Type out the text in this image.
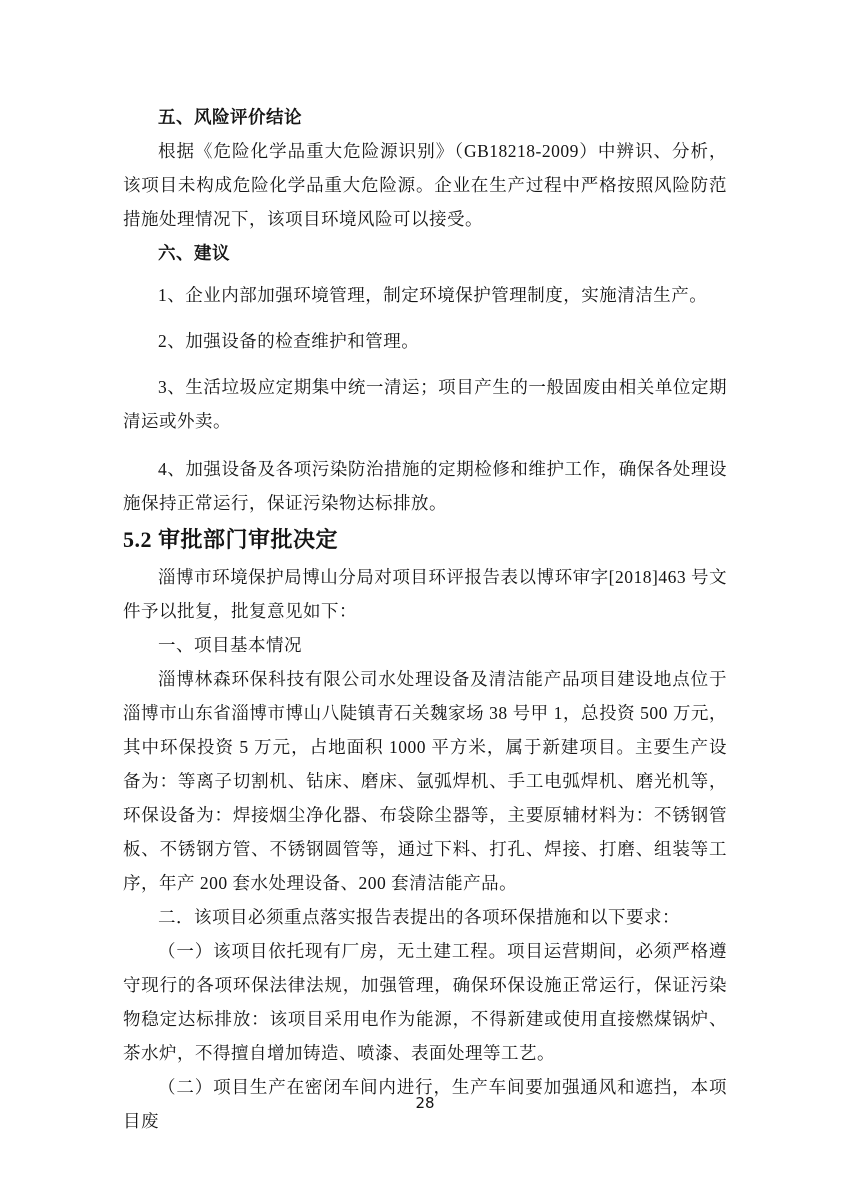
五、风险评价结论

根据《危险化学品重大危险源识别》（GB18218-2009）中辨识、分析，该项目未构成危险化学品重大危险源。企业在生产过程中严格按照风险防范措施处理情况下，该项目环境风险可以接受。

六、建议

1、企业内部加强环境管理，制定环境保护管理制度，实施清洁生产。

2、加强设备的检查维护和管理。

3、生活垃圾应定期集中统一清运；项目产生的一般固废由相关单位定期清运或外卖。

4、加强设备及各项污染防治措施的定期检修和维护工作，确保各处理设施保持正常运行，保证污染物达标排放。

5.2 审批部门审批决定

淄博市环境保护局博山分局对项目环评报告表以博环审字[2018]463 号文件予以批复，批复意见如下：

一、项目基本情况

淄博林森环保科技有限公司水处理设备及清洁能产品项目建设地点位于淄博市山东省淄博市博山八陡镇青石关魏家场 38 号甲 1，总投资 500 万元，其中环保投资 5 万元，占地面积 1000 平方米，属于新建项目。主要生产设备为：等离子切割机、钻床、磨床、氩弧焊机、手工电弧焊机、磨光机等，环保设备为：焊接烟尘净化器、布袋除尘器等，主要原辅材料为：不锈钢管板、不锈钢方管、不锈钢圆管等，通过下料、打孔、焊接、打磨、组装等工序，年产 200 套水处理设备、200 套清洁能产品。

二．该项目必须重点落实报告表提出的各项环保措施和以下要求：

（一）该项目依托现有厂房，无土建工程。项目运营期间，必须严格遵守现行的各项环保法律法规，加强管理，确保环保设施正常运行，保证污染物稳定达标排放：该项目采用电作为能源，不得新建或使用直接燃煤锅炉、茶水炉，不得擅自增加铸造、喷漆、表面处理等工艺。

（二）项目生产在密闭车间内进行，生产车间要加强通风和遮挡，本项目废

28
